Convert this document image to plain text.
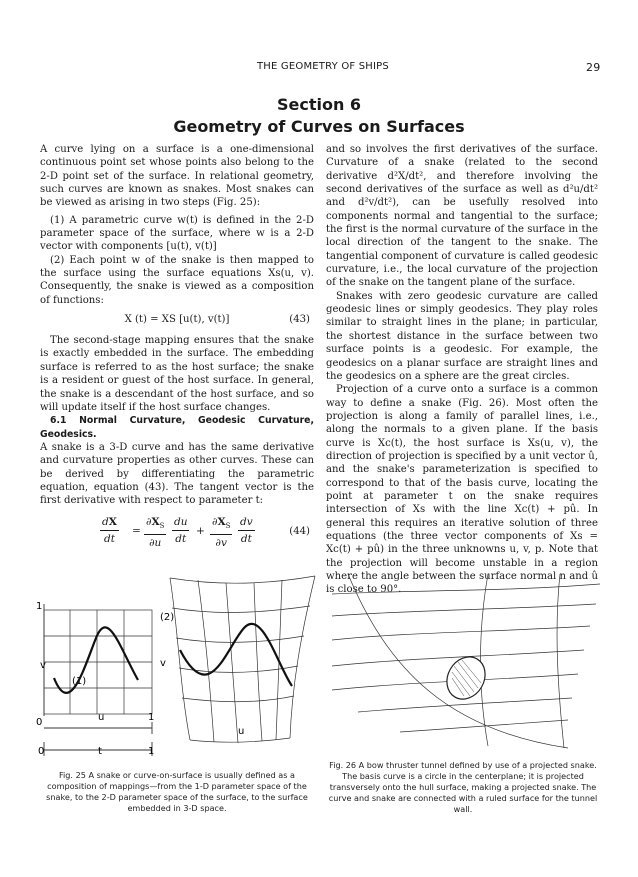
THE GEOMETRY OF SHIPS	29
Section 6
Geometry of Curves on Surfaces

A curve lying on a surface is a one-dimensional continuous point set whose points also belong to the 2-D point set of the surface. In relational geometry, such curves are known as snakes. Most snakes can be viewed as arising in two steps (Fig. 25):

(1) A parametric curve w(t) is defined in the 2-D parameter space of the surface, where w is a 2-D vector with components [u(t), v(t)]

(2) Each point w of the snake is then mapped to the surface using the surface equations Xs(u, v). Consequently, the snake is viewed as a composition of functions:

X (t) = XS [u(t), v(t)]	(43)

The second-stage mapping ensures that the snake is exactly embedded in the surface. The embedding surface is referred to as the host surface; the snake is a resident or guest of the host surface. In general, the snake is a descendant of the host surface, and so will update itself if the host surface changes.

6.1 Normal Curvature, Geodesic Curvature, Geodesics.

A snake is a 3-D curve and has the same derivative and curvature properties as other curves. These can be derived by differentiating the parametric equation, equation (43). The tangent vector is the first derivative with respect to parameter t:

$\frac{dX}{dt} = \frac{\partial X_S}{\partial u} \frac{du}{dt} + \frac{\partial X_S}{\partial v} \frac{dv}{dt}$	(44)

and so involves the first derivatives of the surface. Curvature of a snake (related to the second derivative d²X/dt², and therefore involving the second derivatives of the surface as well as d²u/dt² and d²v/dt²), can be usefully resolved into components normal and tangential to the surface; the first is the normal curvature of the surface in the local direction of the tangent to the snake. The tangential component of curvature is called geodesic curvature, i.e., the local curvature of the projection of the snake on the tangent plane of the surface.

Snakes with zero geodesic curvature are called geodesic lines or simply geodesics. They play roles similar to straight lines in the plane; in particular, the shortest distance in the surface between two surface points is a geodesic. For example, the geodesics on a planar surface are straight lines and the geodesics on a sphere are the great circles.

Projection of a curve onto a surface is a common way to define a snake (Fig. 26). Most often the projection is along a family of parallel lines, i.e., along the normals to a given plane. If the basis curve is Xc(t), the host surface is Xs(u, v), the direction of projection is specified by a unit vector û, and the snake's parameterization is specified to correspond to that of the basis curve, locating the point at parameter t on the snake requires intersection of Xs with the line Xc(t) + pû. In general this requires an iterative solution of three equations (the three vector components of Xs = Xc(t) + pû) in the three unknowns u, v, p. Note that the projection will become unstable in a region where the angle between the surface normal n and û is close to 90°.

1
v
(1)
0	u	1
0	t	1
(2)
v
u
Fig. 25 A snake or curve-on-surface is usually defined as a composition of mappings—from the 1-D parameter space of the snake, to the 2-D parameter space of the surface, to the surface embedded in 3-D space.
Fig. 26 A bow thruster tunnel defined by use of a projected snake. The basis curve is a circle in the centerplane; it is projected transversely onto the hull surface, making a projected snake. The curve and snake are connected with a ruled surface for the tunnel wall.
